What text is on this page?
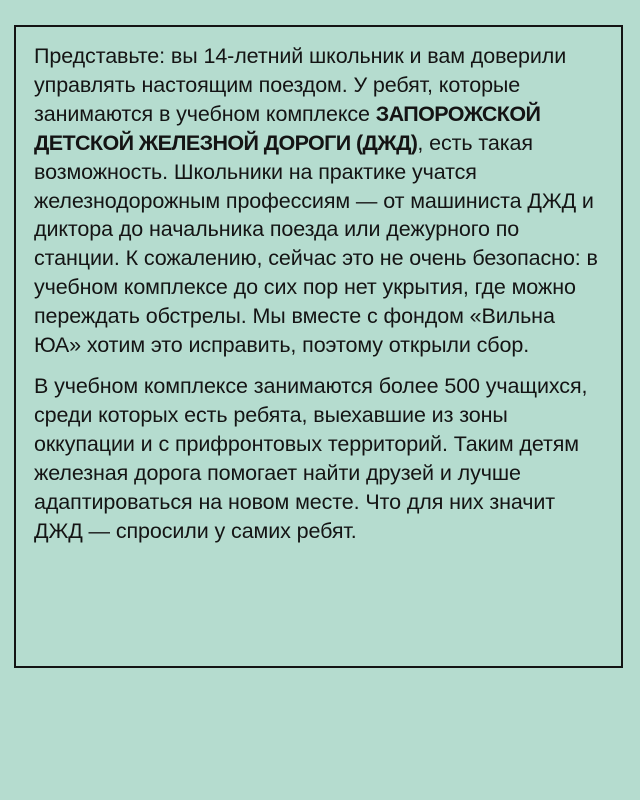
Представьте: вы 14-летний школьник и вам доверили управлять настоящим поездом. У ребят, которые занимаются в учебном комплексе ЗАПОРОЖСКОЙ ДЕТСКОЙ ЖЕЛЕЗНОЙ ДОРОГИ (ДЖД), есть такая возможность. Школьники на практике учатся железнодорожным профессиям — от машиниста ДЖД и диктора до начальника поезда или дежурного по станции. К сожалению, сейчас это не очень безопасно: в учебном комплексе до сих пор нет укрытия, где можно переждать обстрелы. Мы вместе с фондом «Вильна ЮА» хотим это исправить, поэтому открыли сбор.

В учебном комплексе занимаются более 500 учащихся, среди которых есть ребята, выехавшие из зоны оккупации и с прифронтовых территорий. Таким детям железная дорога помогает найти друзей и лучше адаптироваться на новом месте. Что для них значит ДЖД — спросили у самих ребят.
